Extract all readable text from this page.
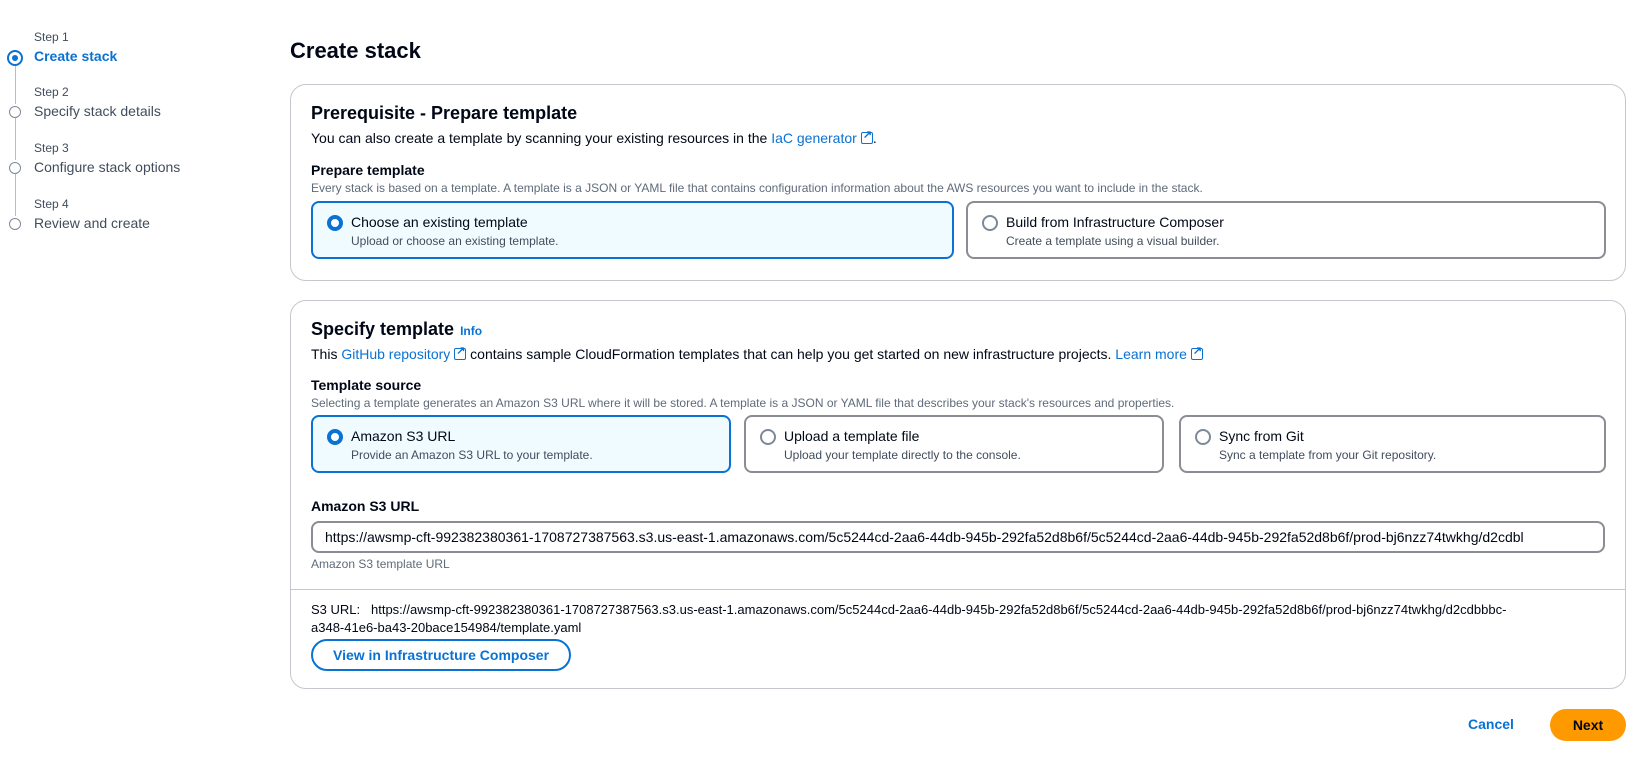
Step 1
Create stack
Step 2
Specify stack details
Step 3
Configure stack options
Step 4
Review and create
Create stack
Prerequisite - Prepare template
You can also create a template by scanning your existing resources in the IaC generator↗ .
Prepare template
Every stack is based on a template. A template is a JSON or YAML file that contains configuration information about the AWS resources you want to include in the stack.
Choose an existing template
Upload or choose an existing template.
Build from Infrastructure Composer
Create a template using a visual builder.
Specify template Info
This GitHub repository↗ contains sample CloudFormation templates that can help you get started on new infrastructure projects. Learn more↗
Template source
Selecting a template generates an Amazon S3 URL where it will be stored. A template is a JSON or YAML file that describes your stack's resources and properties.
Amazon S3 URL
Provide an Amazon S3 URL to your template.
Upload a template file
Upload your template directly to the console.
Sync from Git
Sync a template from your Git repository.
Amazon S3 URL
https://awsmp-cft-992382380361-1708727387563.s3.us-east-1.amazonaws.com/5c5244cd-2aa6-44db-945b-292fa52d8b6f/5c5244cd-2aa6-44db-945b-292fa52d8b6f/prod-bj6nzz74twkhg/d2cdbl
Amazon S3 template URL
S3 URL: https://awsmp-cft-992382380361-1708727387563.s3.us-east-1.amazonaws.com/5c5244cd-2aa6-44db-945b-292fa52d8b6f/5c5244cd-2aa6-44db-945b-292fa52d8b6f/prod-bj6nzz74twkhg/d2cdbbbc-a348-41e6-ba43-20bace154984/template.yaml
View in Infrastructure Composer
Cancel	Next
